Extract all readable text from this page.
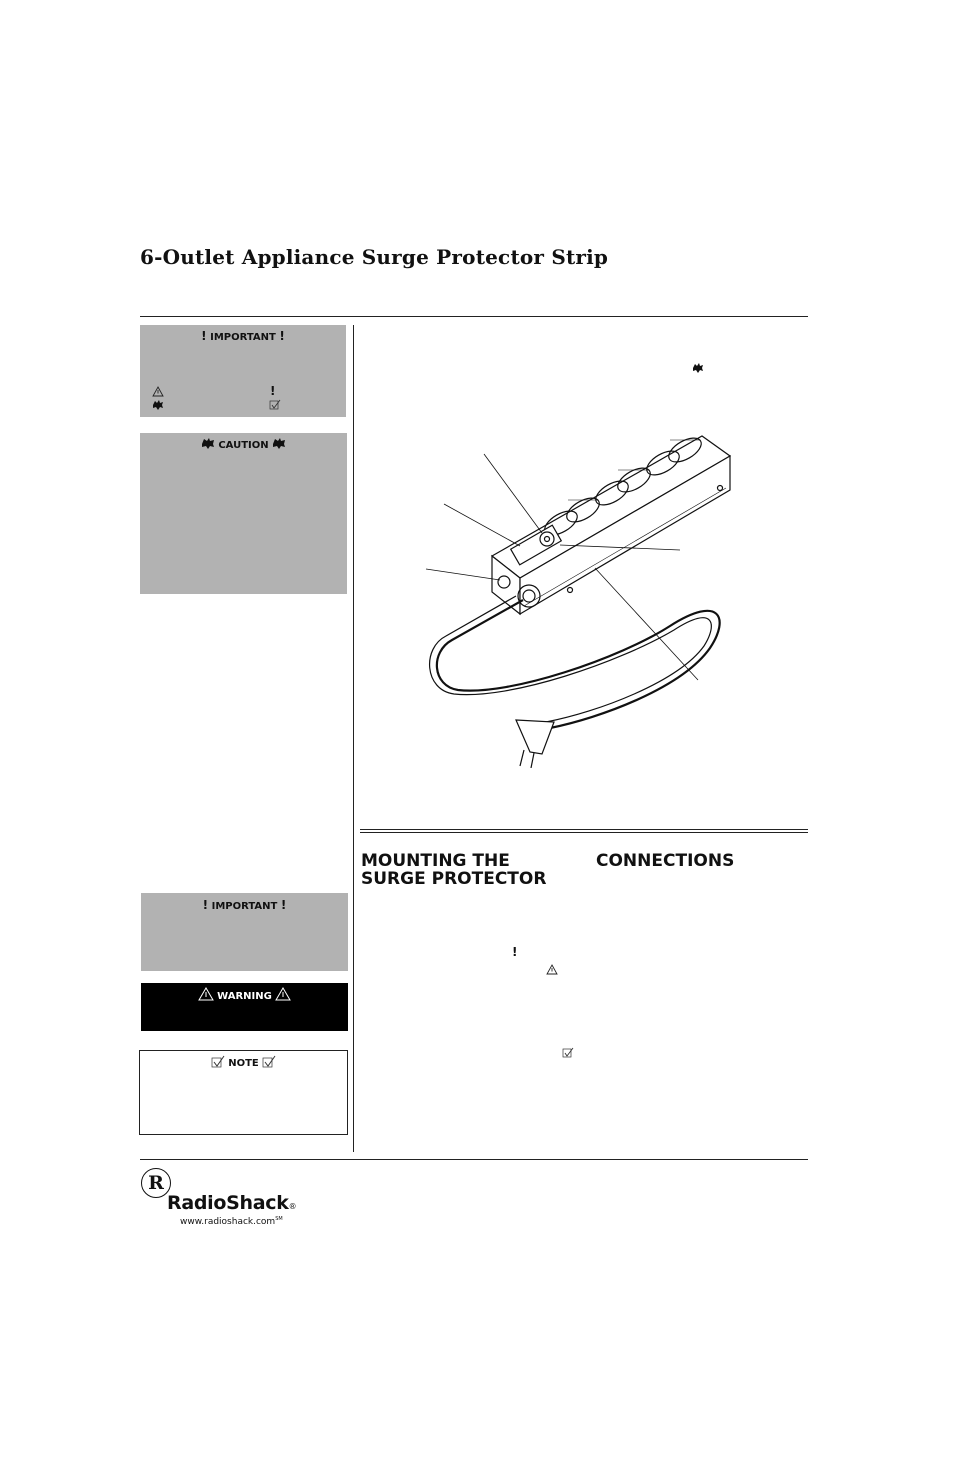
6-Outlet Appliance Surge Protector Strip
! IMPORTANT !
!
CAUTION
! IMPORTANT !
WARNING
NOTE
MOUNTING THE
SURGE PROTECTOR
CONNECTIONS
!
R
RadioShack®
www.radioshack.com℠
